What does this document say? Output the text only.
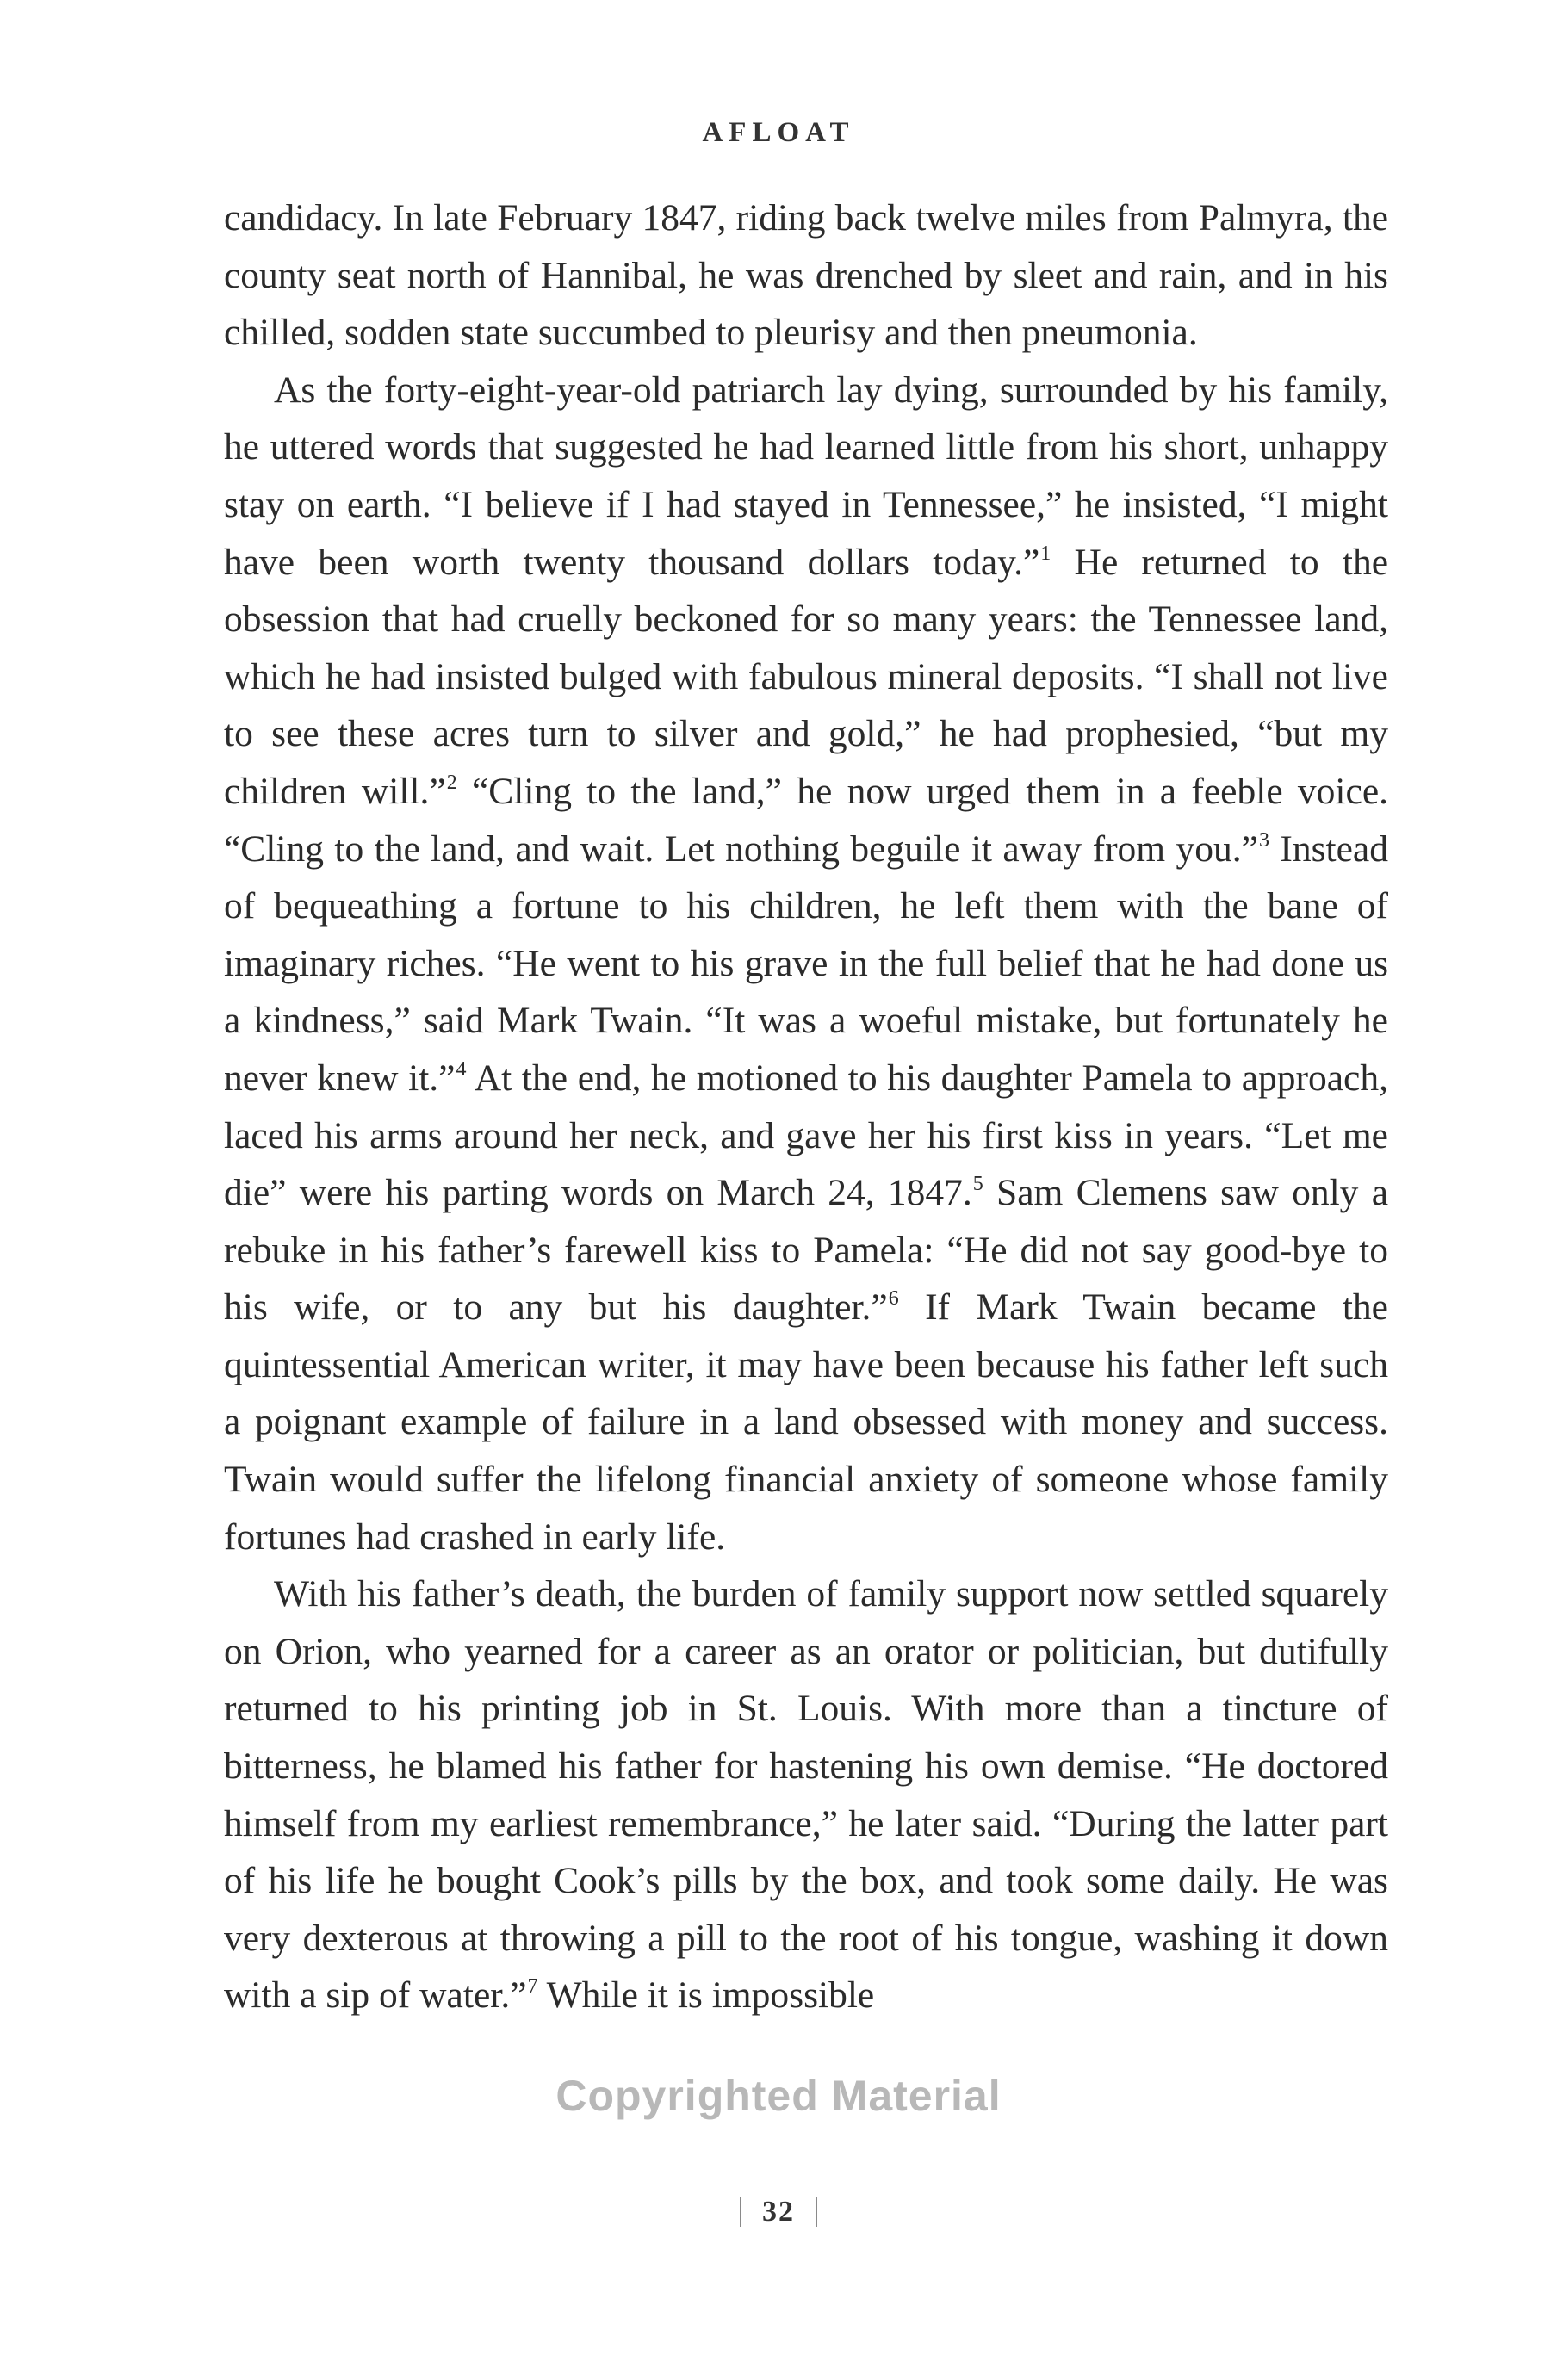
AFLOAT

candidacy. In late February 1847, riding back twelve miles from Palmyra, the county seat north of Hannibal, he was drenched by sleet and rain, and in his chilled, sodden state succumbed to pleurisy and then pneumonia.

As the forty-eight-year-old patriarch lay dying, surrounded by his family, he uttered words that suggested he had learned little from his short, unhappy stay on earth. “I believe if I had stayed in Tennessee,” he insisted, “I might have been worth twenty thousand dollars today.”$^1$ He returned to the obsession that had cruelly beckoned for so many years: the Tennessee land, which he had insisted bulged with fabulous mineral deposits. “I shall not live to see these acres turn to silver and gold,” he had prophesied, “but my children will.”$^2$ “Cling to the land,” he now urged them in a feeble voice. “Cling to the land, and wait. Let nothing beguile it away from you.”$^3$ Instead of bequeathing a fortune to his children, he left them with the bane of imaginary riches. “He went to his grave in the full belief that he had done us a kindness,” said Mark Twain. “It was a woeful mistake, but fortunately he never knew it.”$^4$ At the end, he motioned to his daughter Pamela to approach, laced his arms around her neck, and gave her his first kiss in years. “Let me die” were his parting words on March 24, 1847.$^5$ Sam Clemens saw only a rebuke in his father’s farewell kiss to Pamela: “He did not say good-bye to his wife, or to any but his daughter.”$^6$ If Mark Twain became the quintessential American writer, it may have been because his father left such a poignant example of failure in a land obsessed with money and success. Twain would suffer the lifelong financial anxiety of someone whose family fortunes had crashed in early life.

With his father’s death, the burden of family support now settled squarely on Orion, who yearned for a career as an orator or politician, but dutifully returned to his printing job in St. Louis. With more than a tincture of bitterness, he blamed his father for hastening his own demise. “He doctored himself from my earliest remembrance,” he later said. “During the latter part of his life he bought Cook’s pills by the box, and took some daily. He was very dexterous at throwing a pill to the root of his tongue, washing it down with a sip of water.”$^7$ While it is impossible

Copyrighted Material
32
